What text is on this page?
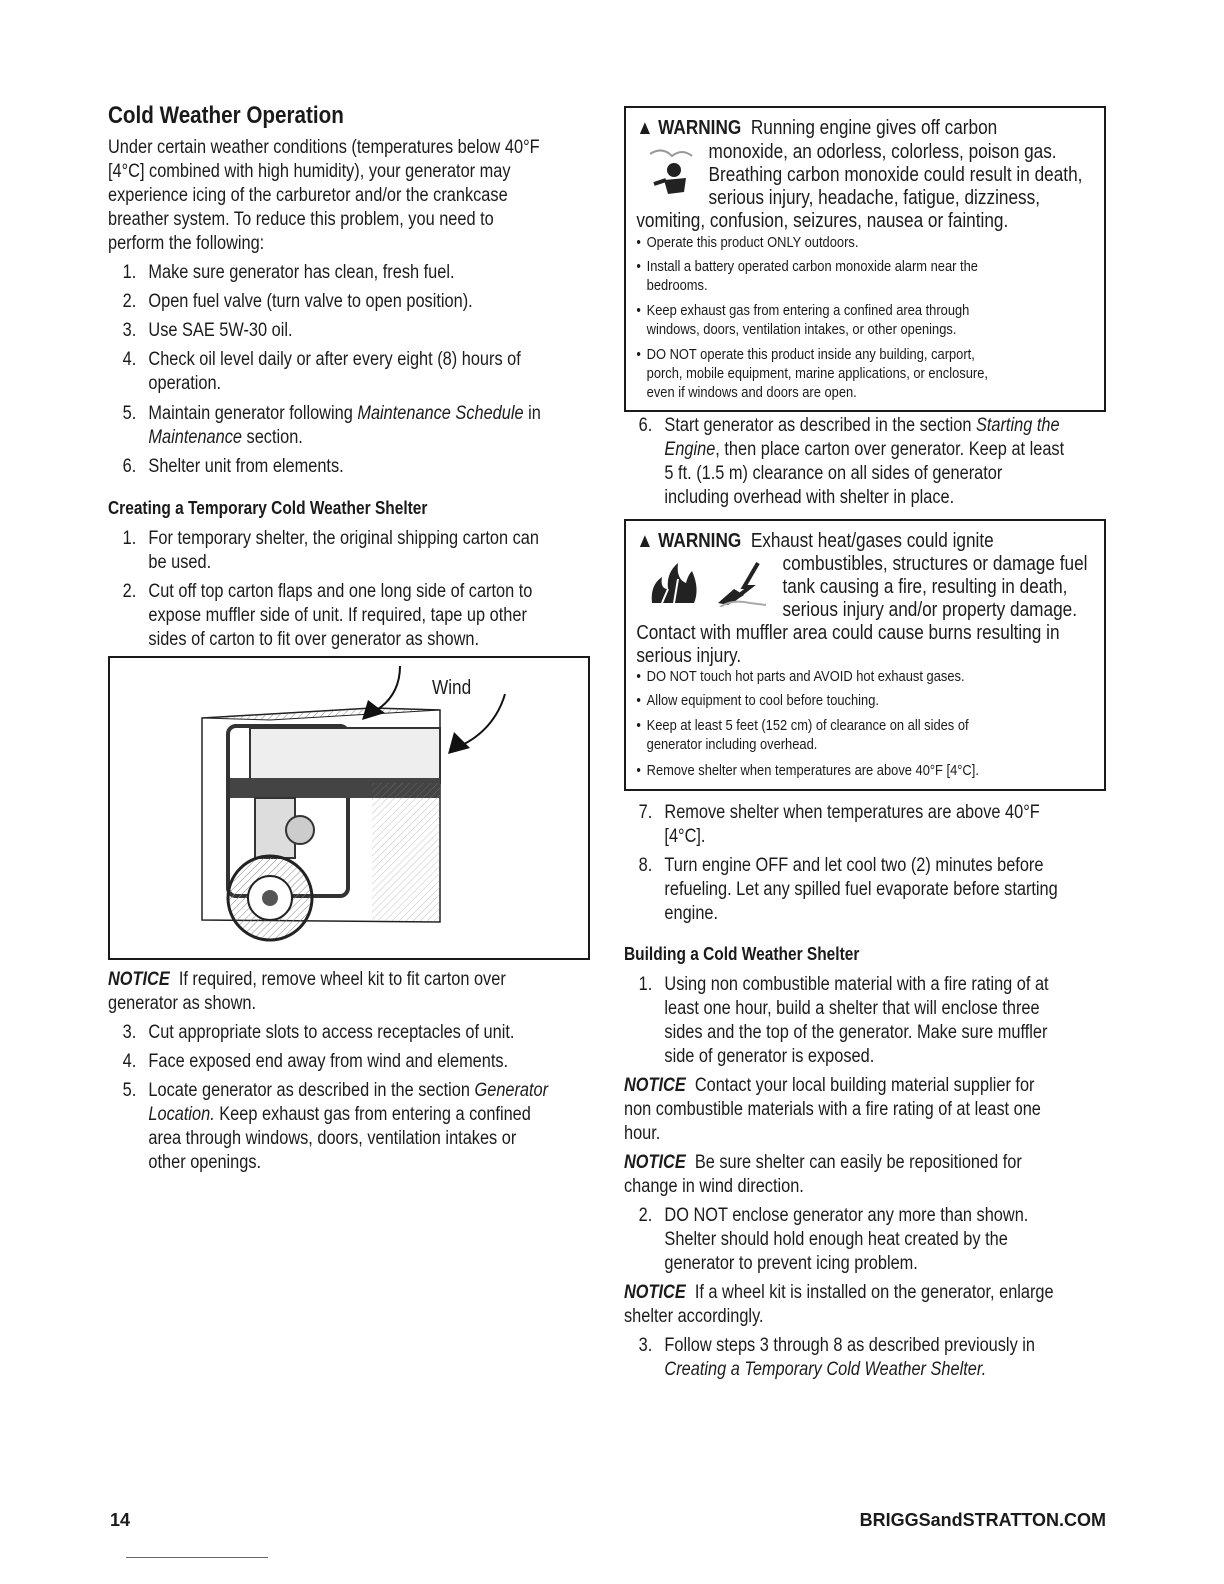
Cold Weather Operation
Under certain weather conditions (temperatures below 40°F
[4°C] combined with high humidity), your generator may
experience icing of the carburetor and/or the crankcase
breather system. To reduce this problem, you need to
perform the following:
1. Make sure generator has clean, fresh fuel.
2. Open fuel valve (turn valve to open position).
3. Use SAE 5W-30 oil.
4. Check oil level daily or after every eight (8) hours of
operation.
5. Maintain generator following Maintenance Schedule in
Maintenance section.
6. Shelter unit from elements.
Creating a Temporary Cold Weather Shelter
1. For temporary shelter, the original shipping carton can
be used.
2. Cut off top carton flaps and one long side of carton to
expose muffler side of unit. If required, tape up other
sides of carton to fit over generator as shown.
Wind
NOTICE If required, remove wheel kit to fit carton over
generator as shown.
3. Cut appropriate slots to access receptacles of unit.
4. Face exposed end away from wind and elements.
5. Locate generator as described in the section Generator
Location. Keep exhaust gas from entering a confined
area through windows, doors, ventilation intakes or
other openings.
▲ WARNING Running engine gives off carbon
monoxide, an odorless, colorless, poison gas.
Breathing carbon monoxide could result in death,
serious injury, headache, fatigue, dizziness,
vomiting, confusion, seizures, nausea or fainting.
• Operate this product ONLY outdoors.
• Install a battery operated carbon monoxide alarm near the
bedrooms.
• Keep exhaust gas from entering a confined area through
windows, doors, ventilation intakes, or other openings.
• DO NOT operate this product inside any building, carport,
porch, mobile equipment, marine applications, or enclosure,
even if windows and doors are open.
6. Start generator as described in the section Starting the
Engine, then place carton over generator. Keep at least
5 ft. (1.5 m) clearance on all sides of generator
including overhead with shelter in place.
▲ WARNING Exhaust heat/gases could ignite
combustibles, structures or damage fuel
tank causing a fire, resulting in death,
serious injury and/or property damage.
Contact with muffler area could cause burns resulting in
serious injury.
• DO NOT touch hot parts and AVOID hot exhaust gases.
• Allow equipment to cool before touching.
• Keep at least 5 feet (152 cm) of clearance on all sides of
generator including overhead.
• Remove shelter when temperatures are above 40°F [4°C].
7. Remove shelter when temperatures are above 40°F
[4°C].
8. Turn engine OFF and let cool two (2) minutes before
refueling. Let any spilled fuel evaporate before starting
engine.
Building a Cold Weather Shelter
1. Using non combustible material with a fire rating of at
least one hour, build a shelter that will enclose three
sides and the top of the generator. Make sure muffler
side of generator is exposed.
NOTICE Contact your local building material supplier for
non combustible materials with a fire rating of at least one
hour.
NOTICE Be sure shelter can easily be repositioned for
change in wind direction.
2. DO NOT enclose generator any more than shown.
Shelter should hold enough heat created by the
generator to prevent icing problem.
NOTICE If a wheel kit is installed on the generator, enlarge
shelter accordingly.
3. Follow steps 3 through 8 as described previously in
Creating a Temporary Cold Weather Shelter.
14	BRIGGSandSTRATTON.COM
